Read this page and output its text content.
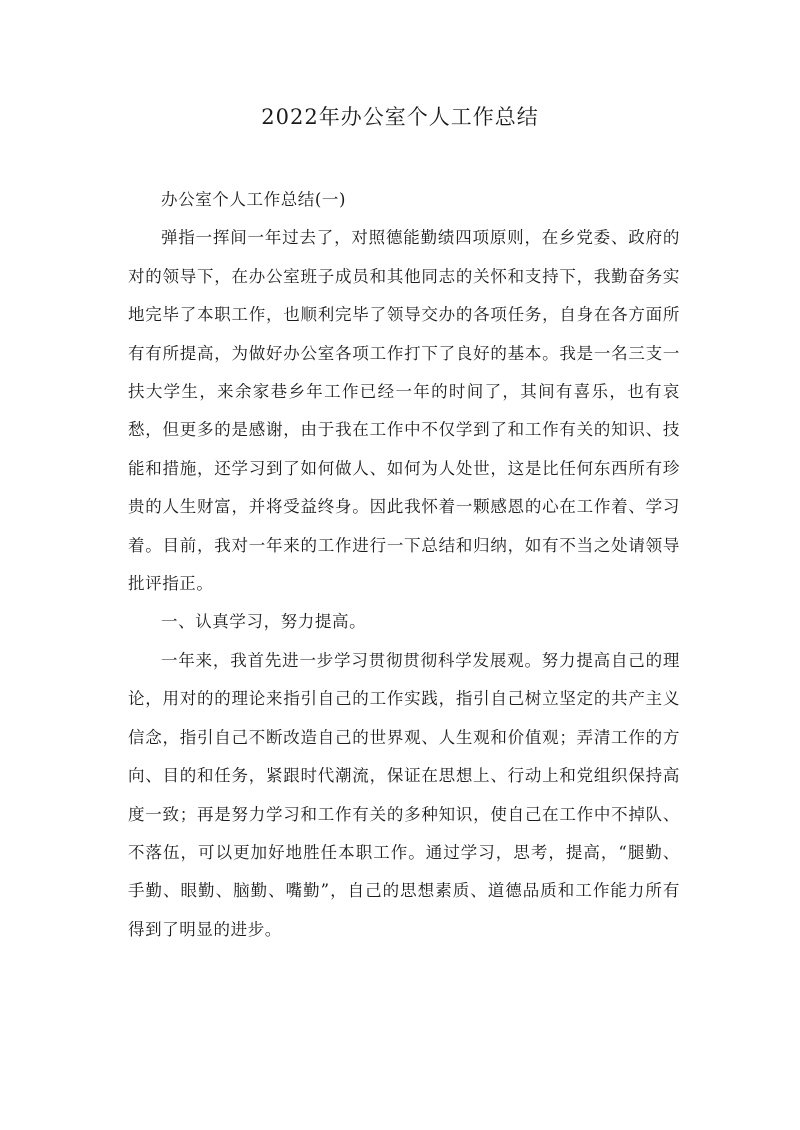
2022年办公室个人工作总结

办公室个人工作总结(一)

弹指一挥间一年过去了，对照德能勤绩四项原则，在乡党委、政府的对的领导下，在办公室班子成员和其他同志的关怀和支持下，我勤奋务实地完毕了本职工作，也顺利完毕了领导交办的各项任务，自身在各方面所有有所提高，为做好办公室各项工作打下了良好的基本。我是一名三支一扶大学生，来余家巷乡年工作已经一年的时间了，其间有喜乐，也有哀愁，但更多的是感谢，由于我在工作中不仅学到了和工作有关的知识、技能和措施，还学习到了如何做人、如何为人处世，这是比任何东西所有珍贵的人生财富，并将受益终身。因此我怀着一颗感恩的心在工作着、学习着。目前，我对一年来的工作进行一下总结和归纳，如有不当之处请领导批评指正。

一、认真学习，努力提高。

一年来，我首先进一步学习贯彻贯彻科学发展观。努力提高自己的理论，用对的的理论来指引自己的工作实践，指引自己树立坚定的共产主义信念，指引自己不断改造自己的世界观、人生观和价值观；弄清工作的方向、目的和任务，紧跟时代潮流，保证在思想上、行动上和党组织保持高度一致；再是努力学习和工作有关的多种知识，使自己在工作中不掉队、不落伍，可以更加好地胜任本职工作。通过学习，思考，提高，“腿勤、手勤、眼勤、脑勤、嘴勤”，自己的思想素质、道德品质和工作能力所有得到了明显的进步。
